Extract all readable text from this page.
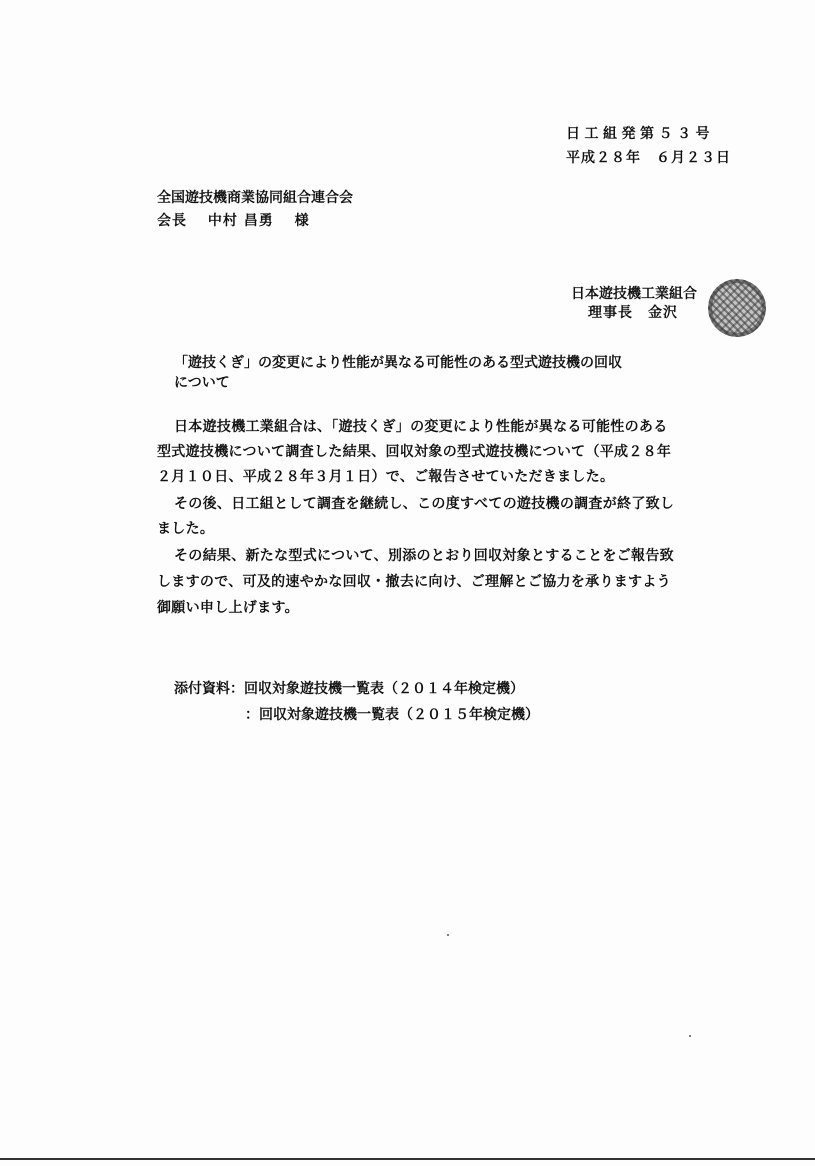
日工組発第５３号
平成２８年　６月２３日
全国遊技機商業協同組合連合会
会長　 中村 昌勇　 様
日本遊技機工業組合
理事長　金沢
「遊技くぎ」の変更により性能が異なる可能性のある型式遊技機の回収
について
日本遊技機工業組合は、「遊技くぎ」の変更により性能が異なる可能性のある
型式遊技機について調査した結果、回収対象の型式遊技機について（平成２８年
２月１０日、平成２８年３月１日）で、ご報告させていただきました。
その後、日工組として調査を継続し、この度すべての遊技機の調査が終了致し
ました。
その結果、新たな型式について、別添のとおり回収対象とすることをご報告致
しますので、可及的速やかな回収・撤去に向け、ご理解とご協力を承りますよう
御願い申し上げます。
添付資料：回収対象遊技機一覧表（２０１４年検定機）
：回収対象遊技機一覧表（２０１５年検定機）
